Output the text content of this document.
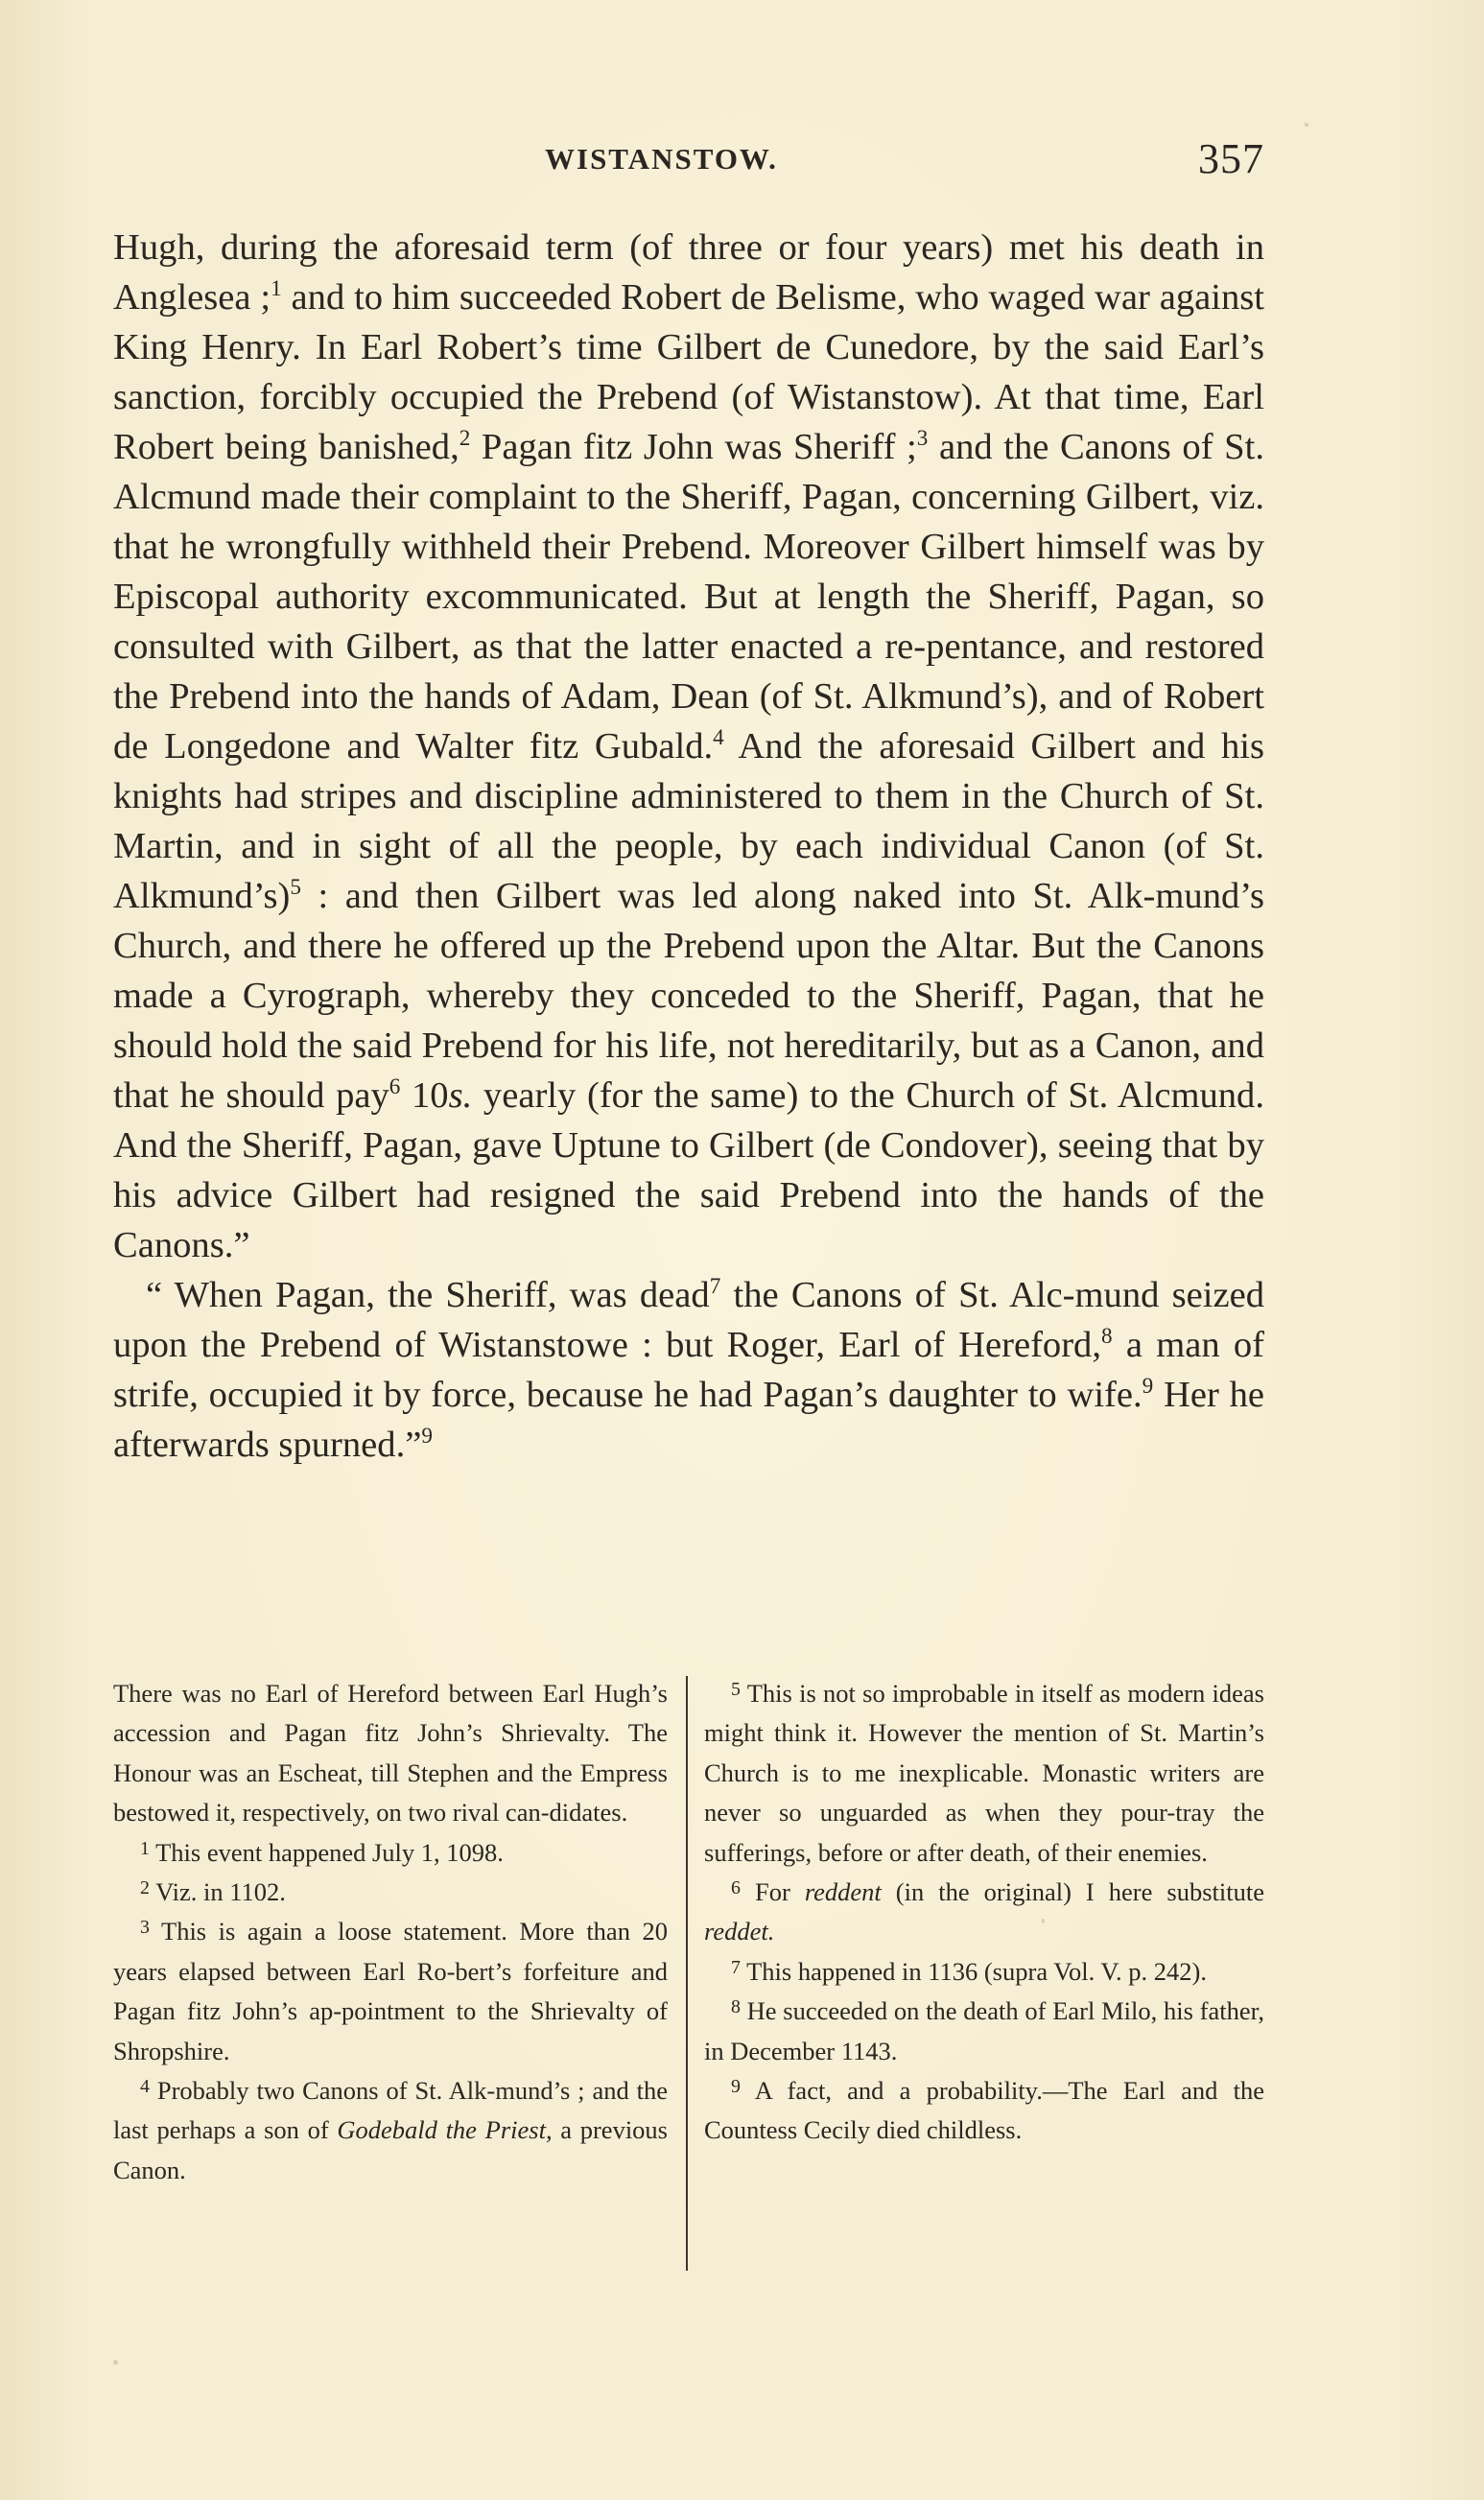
WISTANSTOW.	357

Hugh, during the aforesaid term (of three or four years) met his death in Anglesea ;$^1$ and to him succeeded Robert de Belisme, who waged war against King Henry. In Earl Robert’s time Gilbert de Cunedore, by the said Earl’s sanction, forcibly occupied the Prebend (of Wistanstow). At that time, Earl Robert being banished,$^2$ Pagan fitz John was Sheriff ;$^3$ and the Canons of St. Alcmund made their complaint to the Sheriff, Pagan, concerning Gilbert, viz. that he wrongfully withheld their Prebend. Moreover Gilbert himself was by Episcopal authority excommunicated. But at length the Sheriff, Pagan, so consulted with Gilbert, as that the latter enacted a re-pentance, and restored the Prebend into the hands of Adam, Dean (of St. Alkmund’s), and of Robert de Longedone and Walter fitz Gubald.$^4$ And the aforesaid Gilbert and his knights had stripes and discipline administered to them in the Church of St. Martin, and in sight of all the people, by each individual Canon (of St. Alkmund’s)$^5$ : and then Gilbert was led along naked into St. Alk-mund’s Church, and there he offered up the Prebend upon the Altar. But the Canons made a Cyrograph, whereby they conceded to the Sheriff, Pagan, that he should hold the said Prebend for his life, not hereditarily, but as a Canon, and that he should pay$^6$ 10s. yearly (for the same) to the Church of St. Alcmund. And the Sheriff, Pagan, gave Uptune to Gilbert (de Condover), seeing that by his advice Gilbert had resigned the said Prebend into the hands of the Canons.”

“ When Pagan, the Sheriff, was dead$^7$ the Canons of St. Alc-mund seized upon the Prebend of Wistanstowe : but Roger, Earl of Hereford,$^8$ a man of strife, occupied it by force, because he had Pagan’s daughter to wife.$^9$ Her he afterwards spurned.”$^9$

There was no Earl of Hereford between Earl Hugh’s accession and Pagan fitz John’s Shrievalty. The Honour was an Escheat, till Stephen and the Empress bestowed it, respectively, on two rival can-didates.

$^1$ This event happened July 1, 1098.

$^2$ Viz. in 1102.

$^3$ This is again a loose statement. More than 20 years elapsed between Earl Ro-bert’s forfeiture and Pagan fitz John’s ap-pointment to the Shrievalty of Shropshire.

$^4$ Probably two Canons of St. Alk-mund’s ; and the last perhaps a son of Godebald the Priest, a previous Canon.

$^5$ This is not so improbable in itself as modern ideas might think it. However the mention of St. Martin’s Church is to me inexplicable. Monastic writers are never so unguarded as when they pour-tray the sufferings, before or after death, of their enemies.

$^6$ For reddent (in the original) I here substitute reddet.

$^7$ This happened in 1136 (supra Vol. V. p. 242).

$^8$ He succeeded on the death of Earl Milo, his father, in December 1143.

$^9$ A fact, and a probability.—The Earl and the Countess Cecily died childless.
